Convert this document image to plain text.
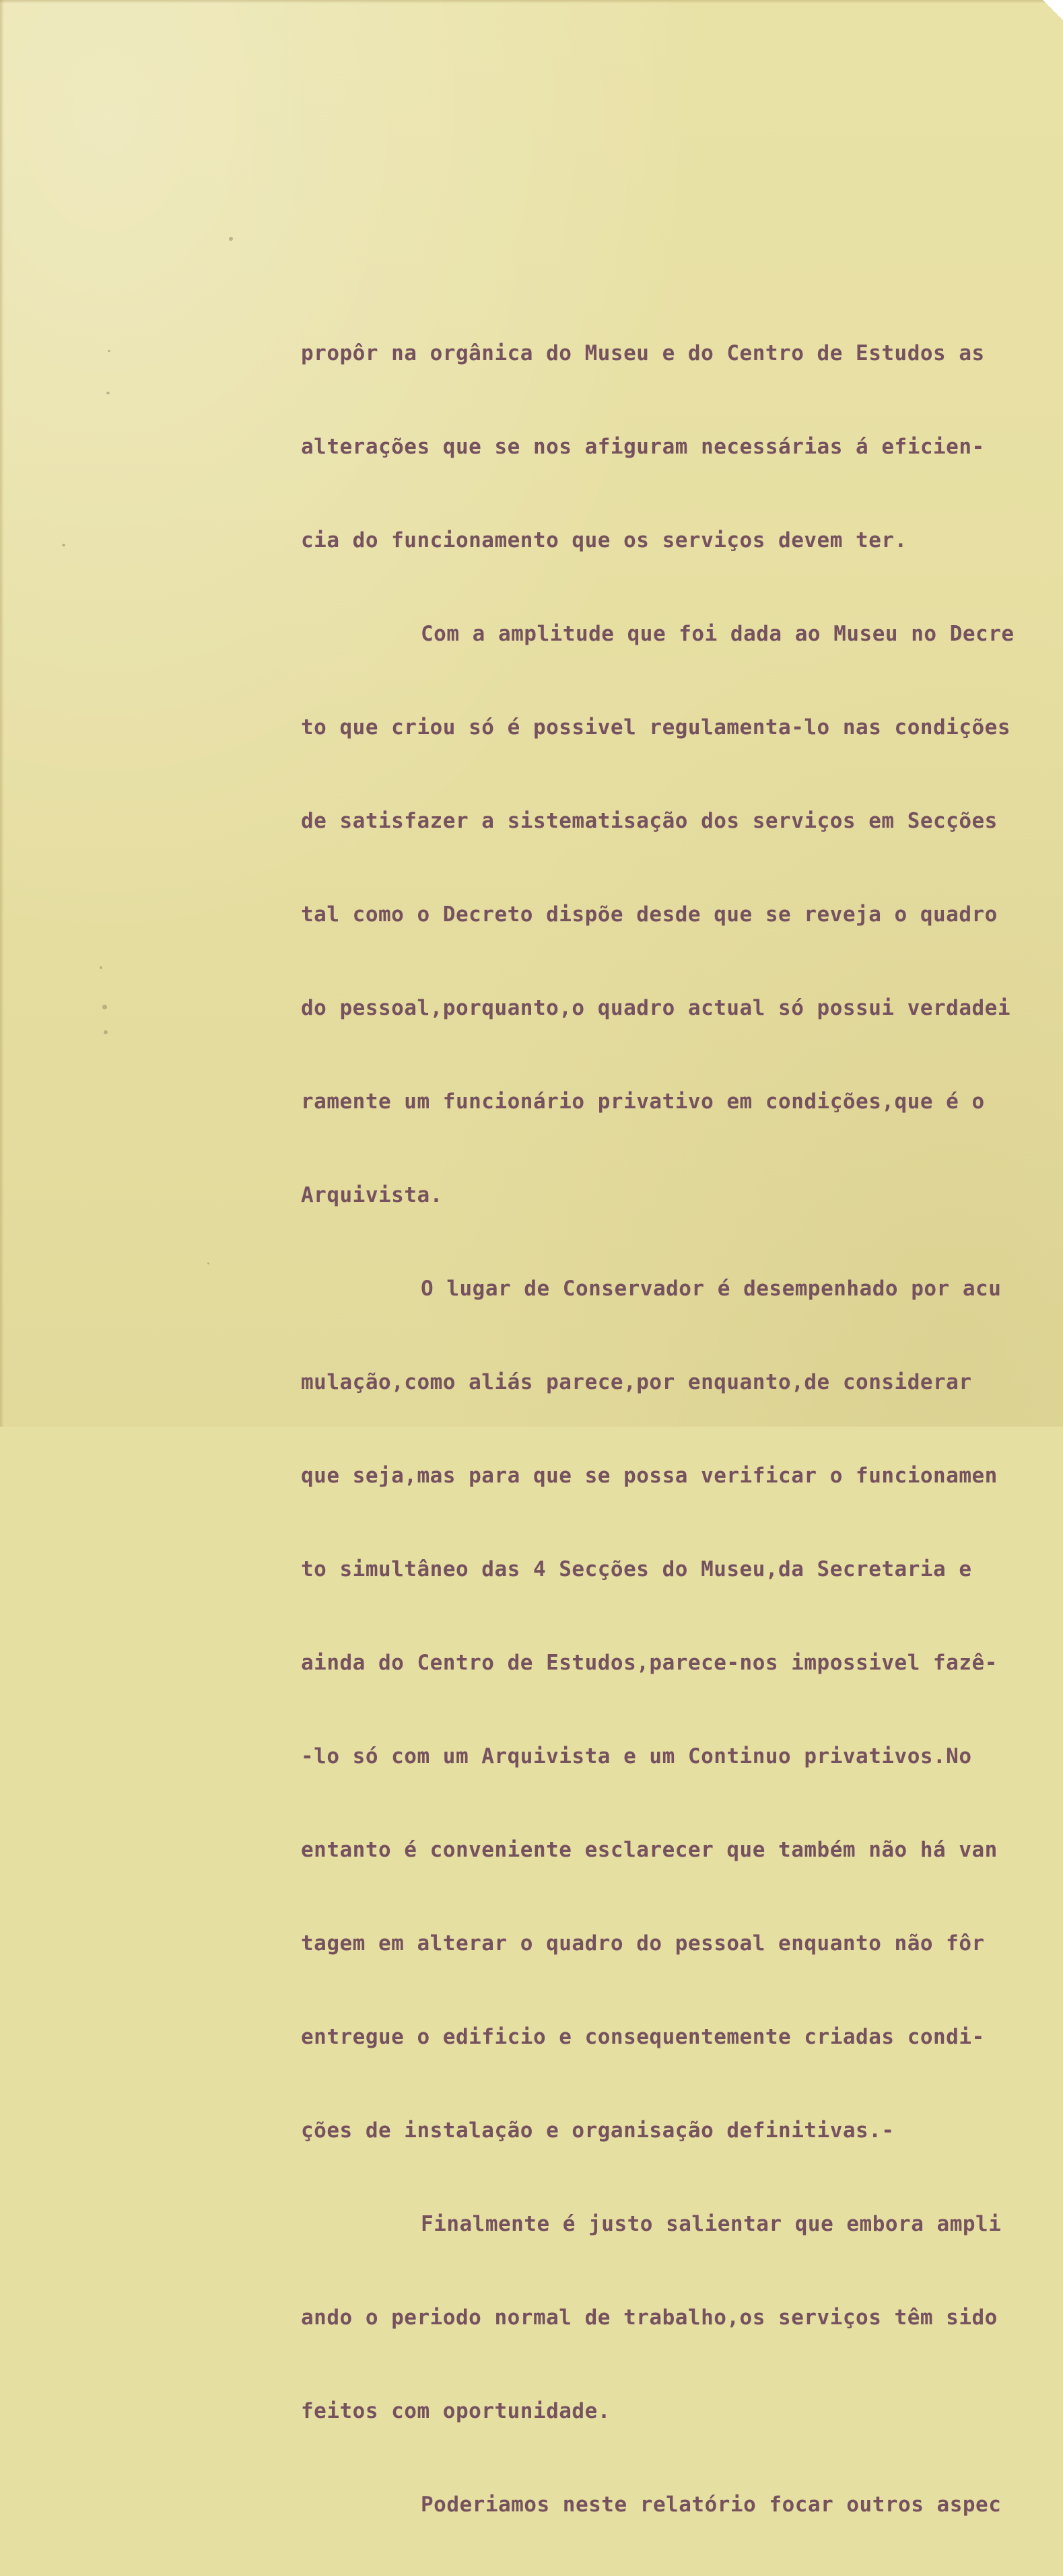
propôr na orgânica do Museu e do Centro de Estudos as

alterações que se nos afiguram necessárias á eficien-

cia do funcionamento que os serviços devem ter.

Com a amplitude que foi dada ao Museu no Decre

to que criou só é possivel regulamenta-lo nas condições

de satisfazer a sistematisação dos serviços em Secções

tal como o Decreto dispõe desde que se reveja o quadro

do pessoal,porquanto,o quadro actual só possui verdadei

ramente um funcionário privativo em condições,que é o

Arquivista.

O lugar de Conservador é desempenhado por acu

mulação,como aliás parece,por enquanto,de considerar

que seja,mas para que se possa verificar o funcionamen

to simultâneo das 4 Secções do Museu,da Secretaria e

ainda do Centro de Estudos,parece-nos impossivel fazê-

-lo só com um Arquivista e um Continuo privativos.No

entanto é conveniente esclarecer que também não há van

tagem em alterar o quadro do pessoal enquanto não fôr

entregue o edificio e consequentemente criadas condi-

ções de instalação e organisação definitivas.-

Finalmente é justo salientar que embora ampli

ando o periodo normal de trabalho,os serviços têm sido

feitos com oportunidade.

Poderiamos neste relatório focar outros aspec
